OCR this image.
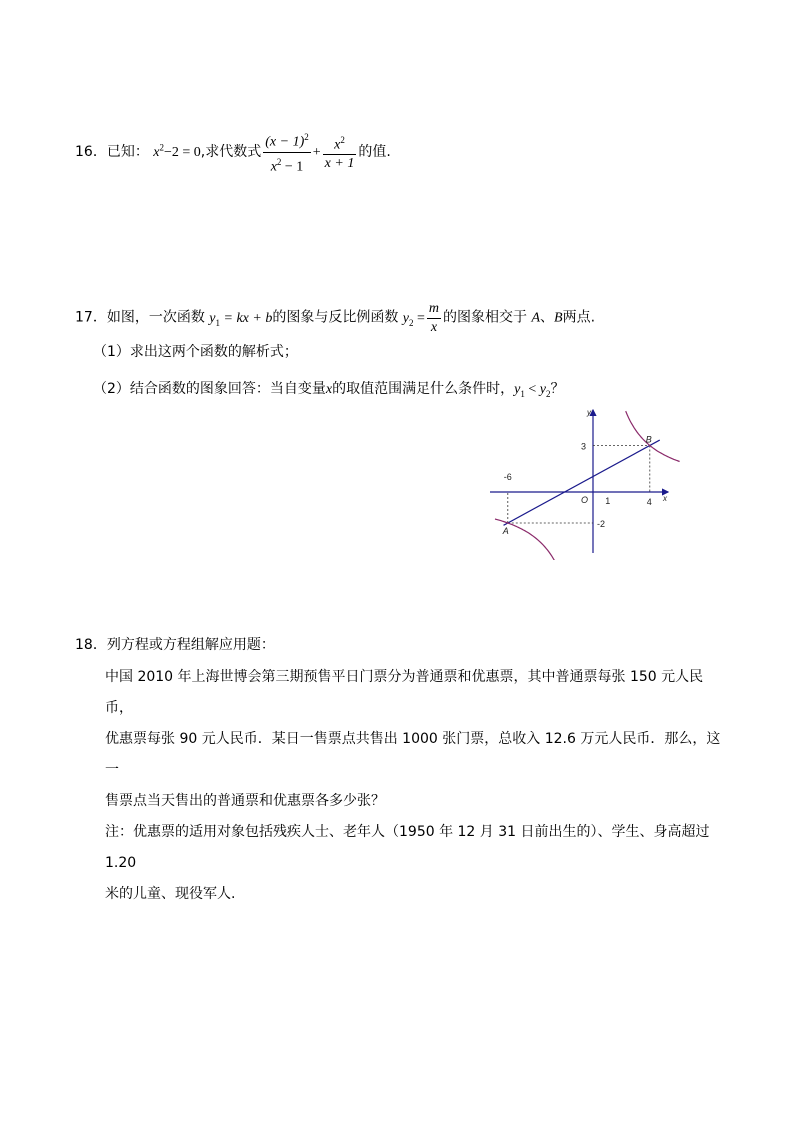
16．已知： $x^2-2 = 0$,求代数式 $\frac{(x - 1)^2}{x^2 - 1} + \frac{x^2}{x + 1}$ 的值.
17．如图，一次函数 $y_1$ = kx + b的图象与反比例函数 $y_2 = \frac{m}{x}$ 的图象相交于 A、B两点.
（1）求出这两个函数的解析式；
（2）结合函数的图象回答：当自变量x的取值范围满足什么条件时，$y_1 < y_2$？
y
x
O
-6
1	4
3
-2
A
B
18．列方程或方程组解应用题：
中国 2010 年上海世博会第三期预售平日门票分为普通票和优惠票，其中普通票每张 150 元人民币，
优惠票每张 90 元人民币．某日一售票点共售出 1000 张门票，总收入 12.6 万元人民币．那么，这一
售票点当天售出的普通票和优惠票各多少张？
注：优惠票的适用对象包括残疾人士、老年人（1950 年 12 月 31 日前出生的）、学生、身高超过 1.20
米的儿童、现役军人.
